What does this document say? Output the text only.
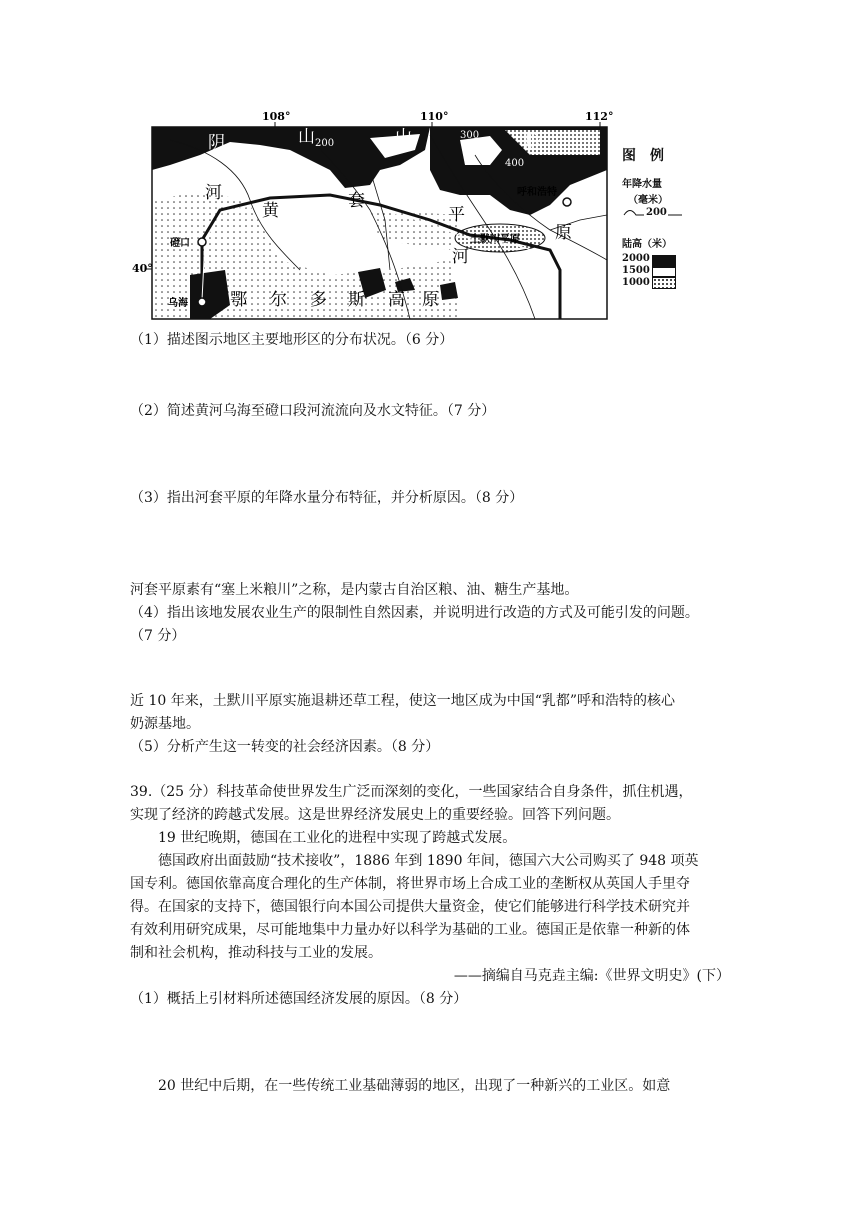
108°	110°	112°
40°
阴	山	山	脉
河
黄	套
平
河
原
鄂 尔 多 斯 高 原
呼和浩特
磴口
乌海
土默川平原
150
200
300
400	图　例
年降水量
（毫米）
200
陆高（米）
2000
1500
1000
（1）描述图示地区主要地形区的分布状况。（6 分）
（2）简述黄河乌海至磴口段河流流向及水文特征。（7 分）
（3）指出河套平原的年降水量分布特征，并分析原因。（8 分）
河套平原素有“塞上米粮川”之称，是内蒙古自治区粮、油、糖生产基地。
（4）指出该地发展农业生产的限制性自然因素，并说明进行改造的方式及可能引发的问题。
（7 分）
近 10 年来，土默川平原实施退耕还草工程，使这一地区成为中国“乳都”呼和浩特的核心
奶源基地。
（5）分析产生这一转变的社会经济因素。（8 分）
39.（25 分）科技革命使世界发生广泛而深刻的变化，一些国家结合自身条件，抓住机遇，
实现了经济的跨越式发展。这是世界经济发展史上的重要经验。回答下列问题。
19 世纪晚期，德国在工业化的进程中实现了跨越式发展。
德国政府出面鼓励“技术接收”，1886 年到 1890 年间，德国六大公司购买了 948 项英
国专利。德国依靠高度合理化的生产体制，将世界市场上合成工业的垄断权从英国人手里夺
得。在国家的支持下，德国银行向本国公司提供大量资金，使它们能够进行科学技术研究并
有效利用研究成果，尽可能地集中力量办好以科学为基础的工业。德国正是依靠一种新的体
制和社会机构，推动科技与工业的发展。
——摘编自马克垚主编:《世界文明史》(下）
（1）概括上引材料所述德国经济发展的原因。（8 分）
20 世纪中后期，在一些传统工业基础薄弱的地区，出现了一种新兴的工业区。如意
